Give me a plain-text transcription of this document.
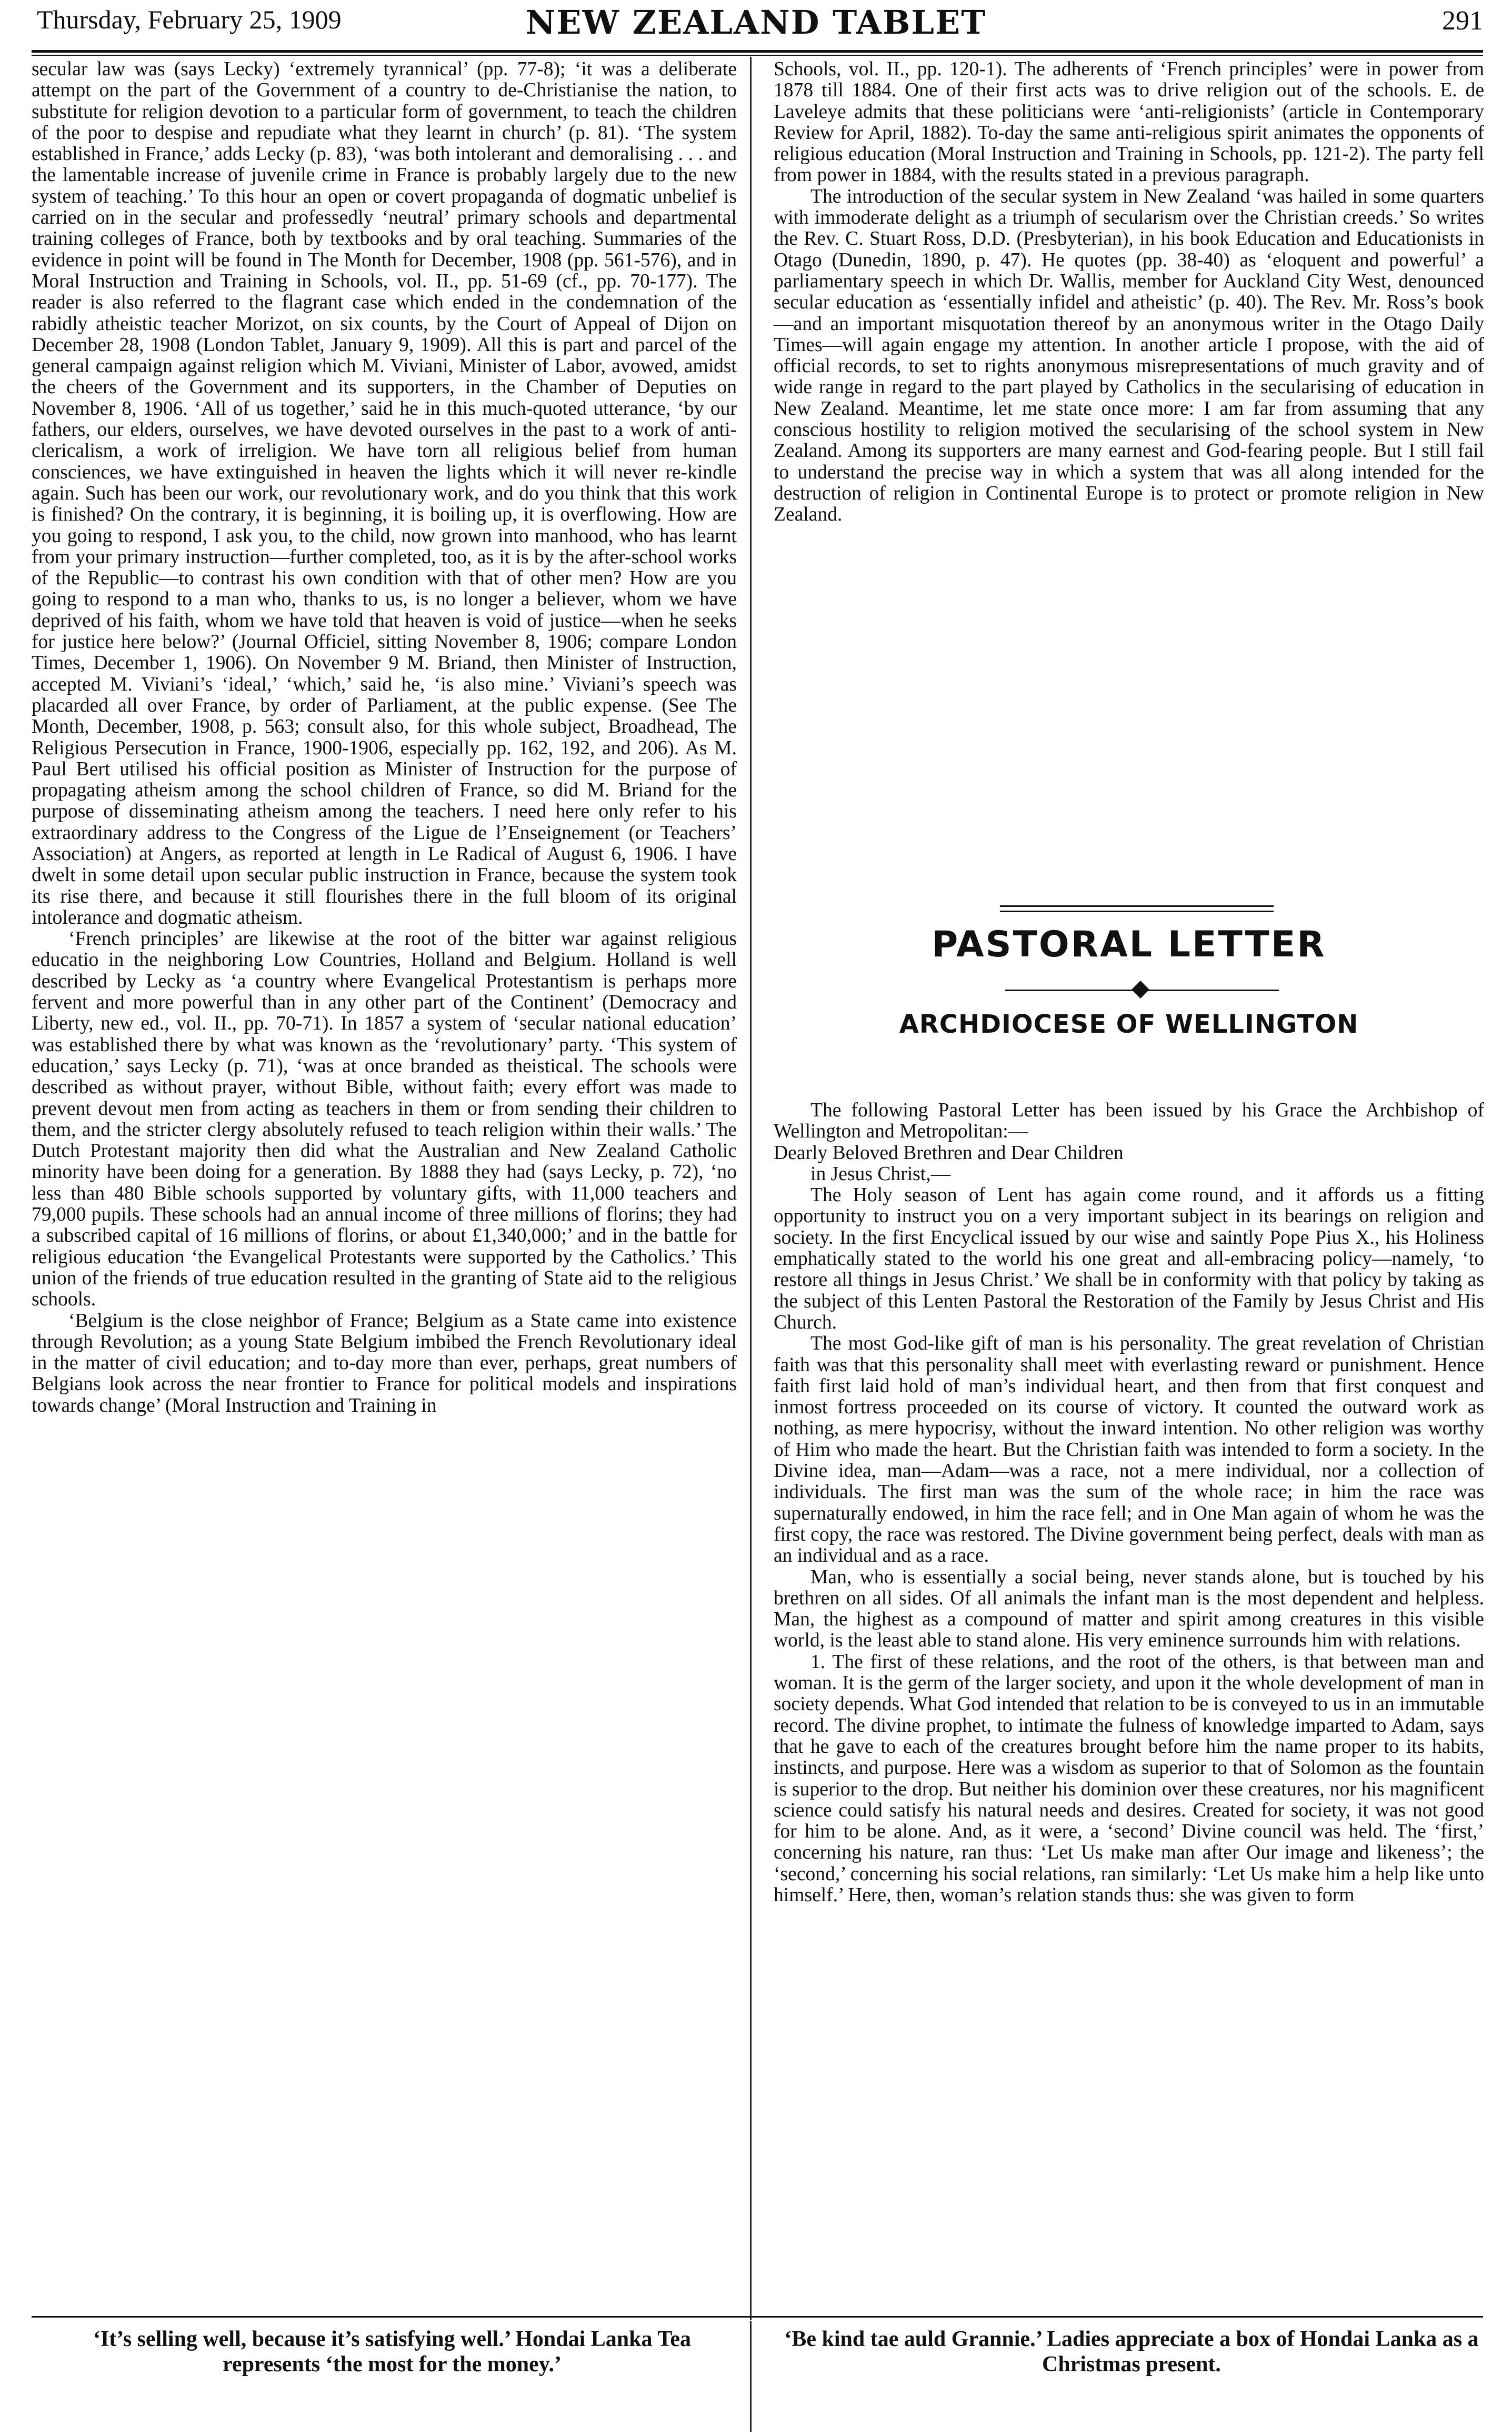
Thursday, February 25, 1909	NEW ZEALAND TABLET	291

secular law was (says Lecky) ‘extremely tyrannical’ (pp. 77-8); ‘it was a deliberate attempt on the part of the Government of a country to de-Christianise the nation, to substitute for religion devotion to a particular form of government, to teach the children of the poor to despise and repudiate what they learnt in church’ (p. 81). ‘The system established in France,’ adds Lecky (p. 83), ‘was both intolerant and demoralising . . . and the lamentable increase of juvenile crime in France is probably largely due to the new system of teaching.’ To this hour an open or covert propaganda of dogmatic unbelief is carried on in the secular and professedly ‘neutral’ primary schools and departmental training colleges of France, both by textbooks and by oral teaching. Summaries of the evidence in point will be found in The Month for December, 1908 (pp. 561-576), and in Moral Instruction and Training in Schools, vol. II., pp. 51-69 (cf., pp. 70-177). The reader is also referred to the flagrant case which ended in the condemnation of the rabidly atheistic teacher Morizot, on six counts, by the Court of Appeal of Dijon on December 28, 1908 (London Tablet, January 9, 1909). All this is part and parcel of the general campaign against religion which M. Viviani, Minister of Labor, avowed, amidst the cheers of the Government and its supporters, in the Chamber of Deputies on November 8, 1906. ‘All of us together,’ said he in this much-quoted utterance, ‘by our fathers, our elders, ourselves, we have devoted ourselves in the past to a work of anti-clericalism, a work of irreligion. We have torn all religious belief from human consciences, we have extinguished in heaven the lights which it will never re-kindle again. Such has been our work, our revolutionary work, and do you think that this work is finished? On the contrary, it is beginning, it is boiling up, it is overflowing. How are you going to respond, I ask you, to the child, now grown into manhood, who has learnt from your primary instruction—further completed, too, as it is by the after-school works of the Republic—to contrast his own condition with that of other men? How are you going to respond to a man who, thanks to us, is no longer a believer, whom we have deprived of his faith, whom we have told that heaven is void of justice—when he seeks for justice here below?’ (Journal Officiel, sitting November 8, 1906; compare London Times, December 1, 1906). On November 9 M. Briand, then Minister of Instruction, accepted M. Viviani’s ‘ideal,’ ‘which,’ said he, ‘is also mine.’ Viviani’s speech was placarded all over France, by order of Parliament, at the public expense. (See The Month, December, 1908, p. 563; consult also, for this whole subject, Broadhead, The Religious Persecution in France, 1900-1906, especially pp. 162, 192, and 206). As M. Paul Bert utilised his official position as Minister of Instruction for the purpose of propagating atheism among the school children of France, so did M. Briand for the purpose of disseminating atheism among the teachers. I need here only refer to his extraordinary address to the Congress of the Ligue de l’Enseignement (or Teachers’ Association) at Angers, as reported at length in Le Radical of August 6, 1906. I have dwelt in some detail upon secular public instruction in France, because the system took its rise there, and because it still flourishes there in the full bloom of its original intolerance and dogmatic atheism.

‘French principles’ are likewise at the root of the bitter war against religious educatio in the neighboring Low Countries, Holland and Belgium. Holland is well described by Lecky as ‘a country where Evangelical Protestantism is perhaps more fervent and more powerful than in any other part of the Continent’ (Democracy and Liberty, new ed., vol. II., pp. 70-71). In 1857 a system of ‘secular national education’ was established there by what was known as the ‘revolutionary’ party. ‘This system of education,’ says Lecky (p. 71), ‘was at once branded as theistical. The schools were described as without prayer, without Bible, without faith; every effort was made to prevent devout men from acting as teachers in them or from sending their children to them, and the stricter clergy absolutely refused to teach religion within their walls.’ The Dutch Protestant majority then did what the Australian and New Zealand Catholic minority have been doing for a generation. By 1888 they had (says Lecky, p. 72), ‘no less than 480 Bible schools supported by voluntary gifts, with 11,000 teachers and 79,000 pupils. These schools had an annual income of three millions of florins; they had a subscribed capital of 16 millions of florins, or about £1,340,000;’ and in the battle for religious education ‘the Evangelical Protestants were supported by the Catholics.’ This union of the friends of true education resulted in the granting of State aid to the religious schools.

‘Belgium is the close neighbor of France; Belgium as a State came into existence through Revolution; as a young State Belgium imbibed the French Revolutionary ideal in the matter of civil education; and to-day more than ever, perhaps, great numbers of Belgians look across the near frontier to France for political models and inspirations towards change’ (Moral Instruction and Training in

Schools, vol. II., pp. 120-1). The adherents of ‘French principles’ were in power from 1878 till 1884. One of their first acts was to drive religion out of the schools. E. de Laveleye admits that these politicians were ‘anti-religionists’ (article in Contemporary Review for April, 1882). To-day the same anti-religious spirit animates the opponents of religious education (Moral Instruction and Training in Schools, pp. 121-2). The party fell from power in 1884, with the results stated in a previous paragraph.

The introduction of the secular system in New Zealand ‘was hailed in some quarters with immoderate delight as a triumph of secularism over the Christian creeds.’ So writes the Rev. C. Stuart Ross, D.D. (Presbyterian), in his book Education and Educationists in Otago (Dunedin, 1890, p. 47). He quotes (pp. 38-40) as ‘eloquent and powerful’ a parliamentary speech in which Dr. Wallis, member for Auckland City West, denounced secular education as ‘essentially infidel and atheistic’ (p. 40). The Rev. Mr. Ross’s book—and an important misquotation thereof by an anonymous writer in the Otago Daily Times—will again engage my attention. In another article I propose, with the aid of official records, to set to rights anonymous misrepresentations of much gravity and of wide range in regard to the part played by Catholics in the secularising of education in New Zealand. Meantime, let me state once more: I am far from assuming that any conscious hostility to religion motived the secularising of the school system in New Zealand. Among its supporters are many earnest and God-fearing people. But I still fail to understand the precise way in which a system that was all along intended for the destruction of religion in Continental Europe is to protect or promote religion in New Zealand.

PASTORAL LETTER
ARCHDIOCESE OF WELLINGTON

The following Pastoral Letter has been issued by his Grace the Archbishop of Wellington and Metropolitan:—

Dearly Beloved Brethren and Dear Children

in Jesus Christ,—

The Holy season of Lent has again come round, and it affords us a fitting opportunity to instruct you on a very important subject in its bearings on religion and society. In the first Encyclical issued by our wise and saintly Pope Pius X., his Holiness emphatically stated to the world his one great and all-embracing policy—namely, ‘to restore all things in Jesus Christ.’ We shall be in conformity with that policy by taking as the subject of this Lenten Pastoral the Restoration of the Family by Jesus Christ and His Church.

The most God-like gift of man is his personality. The great revelation of Christian faith was that this personality shall meet with everlasting reward or punishment. Hence faith first laid hold of man’s individual heart, and then from that first conquest and inmost fortress proceeded on its course of victory. It counted the outward work as nothing, as mere hypocrisy, without the inward intention. No other religion was worthy of Him who made the heart. But the Christian faith was intended to form a society. In the Divine idea, man—Adam—was a race, not a mere individual, nor a collection of individuals. The first man was the sum of the whole race; in him the race was supernaturally endowed, in him the race fell; and in One Man again of whom he was the first copy, the race was restored. The Divine government being perfect, deals with man as an individual and as a race.

Man, who is essentially a social being, never stands alone, but is touched by his brethren on all sides. Of all animals the infant man is the most dependent and helpless. Man, the highest as a compound of matter and spirit among creatures in this visible world, is the least able to stand alone. His very eminence surrounds him with relations.

1. The first of these relations, and the root of the others, is that between man and woman. It is the germ of the larger society, and upon it the whole development of man in society depends. What God intended that relation to be is conveyed to us in an immutable record. The divine prophet, to intimate the fulness of knowledge imparted to Adam, says that he gave to each of the creatures brought before him the name proper to its habits, instincts, and purpose. Here was a wisdom as superior to that of Solomon as the fountain is superior to the drop. But neither his dominion over these creatures, nor his magnificent science could satisfy his natural needs and desires. Created for society, it was not good for him to be alone. And, as it were, a ‘second’ Divine council was held. The ‘first,’ concerning his nature, ran thus: ‘Let Us make man after Our image and likeness’; the ‘second,’ concerning his social relations, ran similarly: ‘Let Us make him a help like unto himself.’ Here, then, woman’s relation stands thus: she was given to form

‘It’s selling well, because it’s satisfying well.’ Hondai Lanka Tea represents ‘the most for the money.’
‘Be kind tae auld Grannie.’ Ladies appreciate a box of Hondai Lanka as a Christmas present.
